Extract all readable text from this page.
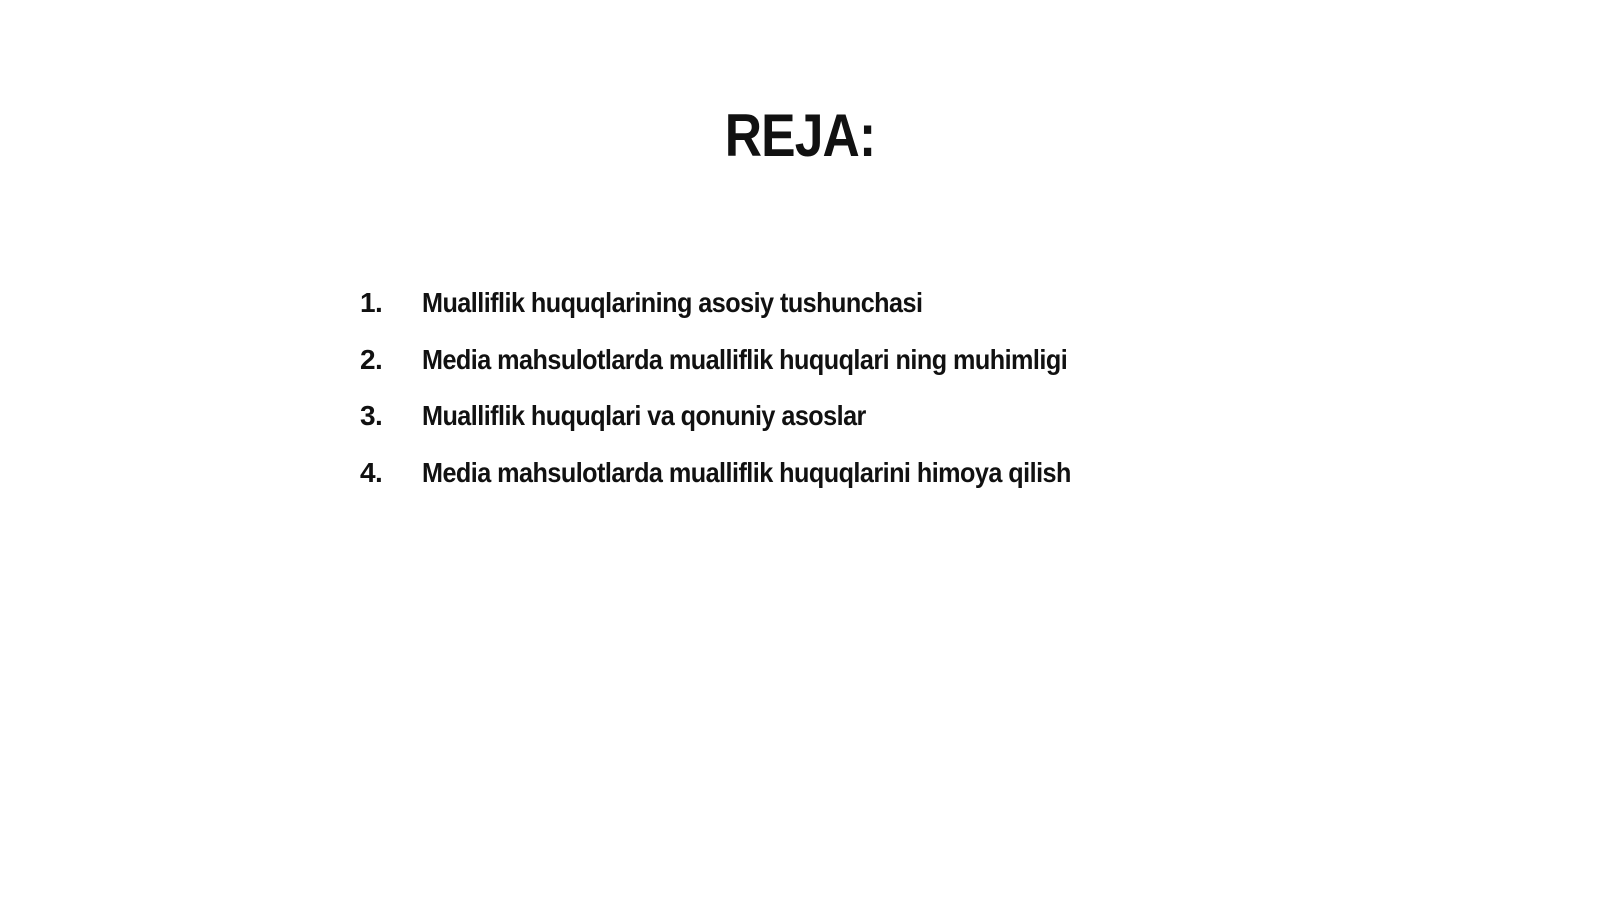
REJA:
1.	Mualliflik huquqlarining asosiy tushunchasi
2.	Media mahsulotlarda mualliflik huquqlari ning muhimligi
3.	Mualliflik huquqlari va qonuniy asoslar
4.	Media mahsulotlarda mualliflik huquqlarini himoya qilish
